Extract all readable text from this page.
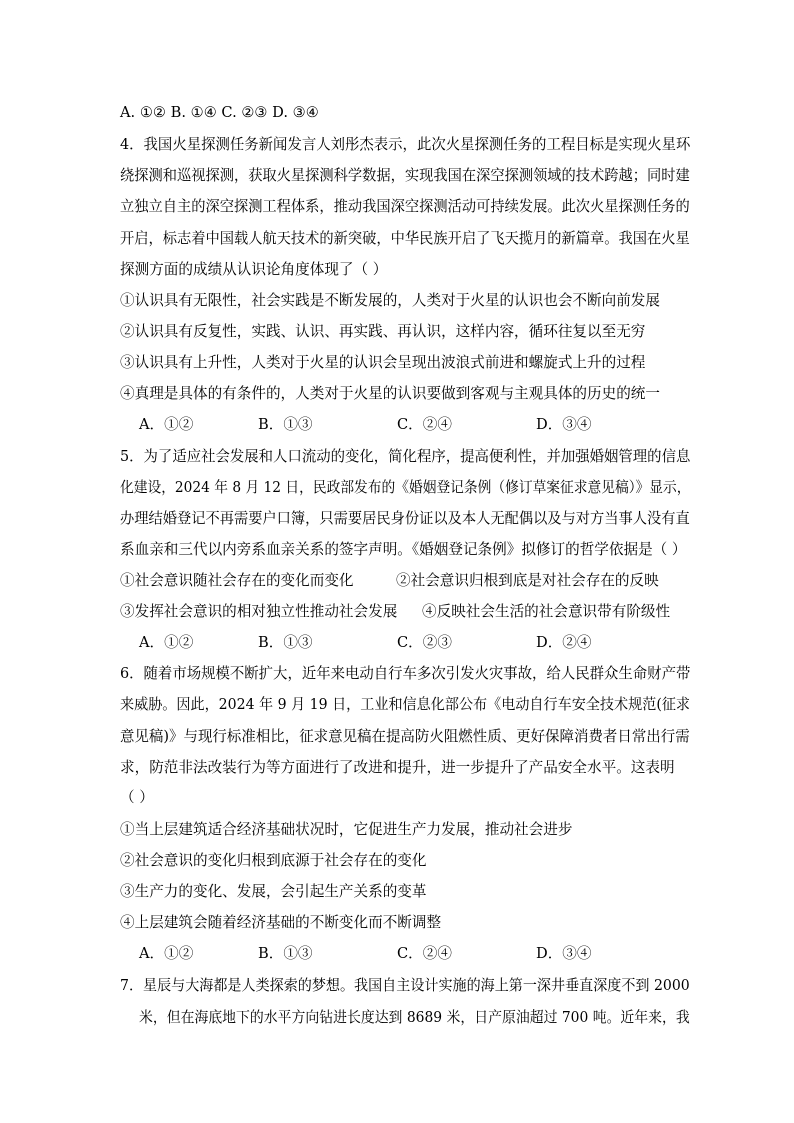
A. ①② B. ①④ C. ②③ D. ③④
4．我国火星探测任务新闻发言人刘彤杰表示，此次火星探测任务的工程目标是实现火星环
绕探测和巡视探测，获取火星探测科学数据，实现我国在深空探测领域的技术跨越；同时建
立独立自主的深空探测工程体系，推动我国深空探测活动可持续发展。此次火星探测任务的
开启，标志着中国载人航天技术的新突破，中华民族开启了飞天揽月的新篇章。我国在火星
探测方面的成绩从认识论角度体现了（ ）
①认识具有无限性，社会实践是不断发展的，人类对于火星的认识也会不断向前发展
②认识具有反复性，实践、认识、再实践、再认识，这样内容，循环往复以至无穷
③认识具有上升性，人类对于火星的认识会呈现出波浪式前进和螺旋式上升的过程
④真理是具体的有条件的，人类对于火星的认识要做到客观与主观具体的历史的统一
A．①②	B．①③	C．②④	D．③④
5．为了适应社会发展和人口流动的变化，简化程序，提高便利性，并加强婚姻管理的信息
化建设，2024 年 8 月 12 日，民政部发布的《婚姻登记条例（修订草案征求意见稿）》显示，
办理结婚登记不再需要户口簿，只需要居民身份证以及本人无配偶以及与对方当事人没有直
系血亲和三代以内旁系血亲关系的签字声明。《婚姻登记条例》拟修订的哲学依据是（ ）
①社会意识随社会存在的变化而变化	②社会意识归根到底是对社会存在的反映
③发挥社会意识的相对独立性推动社会发展 ④反映社会生活的社会意识带有阶级性
A．①②	B．①③	C．②③	D．②④
6．随着市场规模不断扩大，近年来电动自行车多次引发火灾事故，给人民群众生命财产带
来威胁。因此，2024 年 9 月 19 日，工业和信息化部公布《电动自行车安全技术规范(征求
意见稿)》与现行标准相比，征求意见稿在提高防火阻燃性质、更好保障消费者日常出行需
求，防范非法改装行为等方面进行了改进和提升，进一步提升了产品安全水平。这表明
（ ）
①当上层建筑适合经济基础状况时，它促进生产力发展，推动社会进步
②社会意识的变化归根到底源于社会存在的变化
③生产力的变化、发展，会引起生产关系的变革
④上层建筑会随着经济基础的不断变化而不断调整
A．①②	B．①③	C．②④	D．③④
7．星辰与大海都是人类探索的梦想。我国自主设计实施的海上第一深井垂直深度不到 2000
米，但在海底地下的水平方向钻进长度达到 8689 米，日产原油超过 700 吨。近年来，我
